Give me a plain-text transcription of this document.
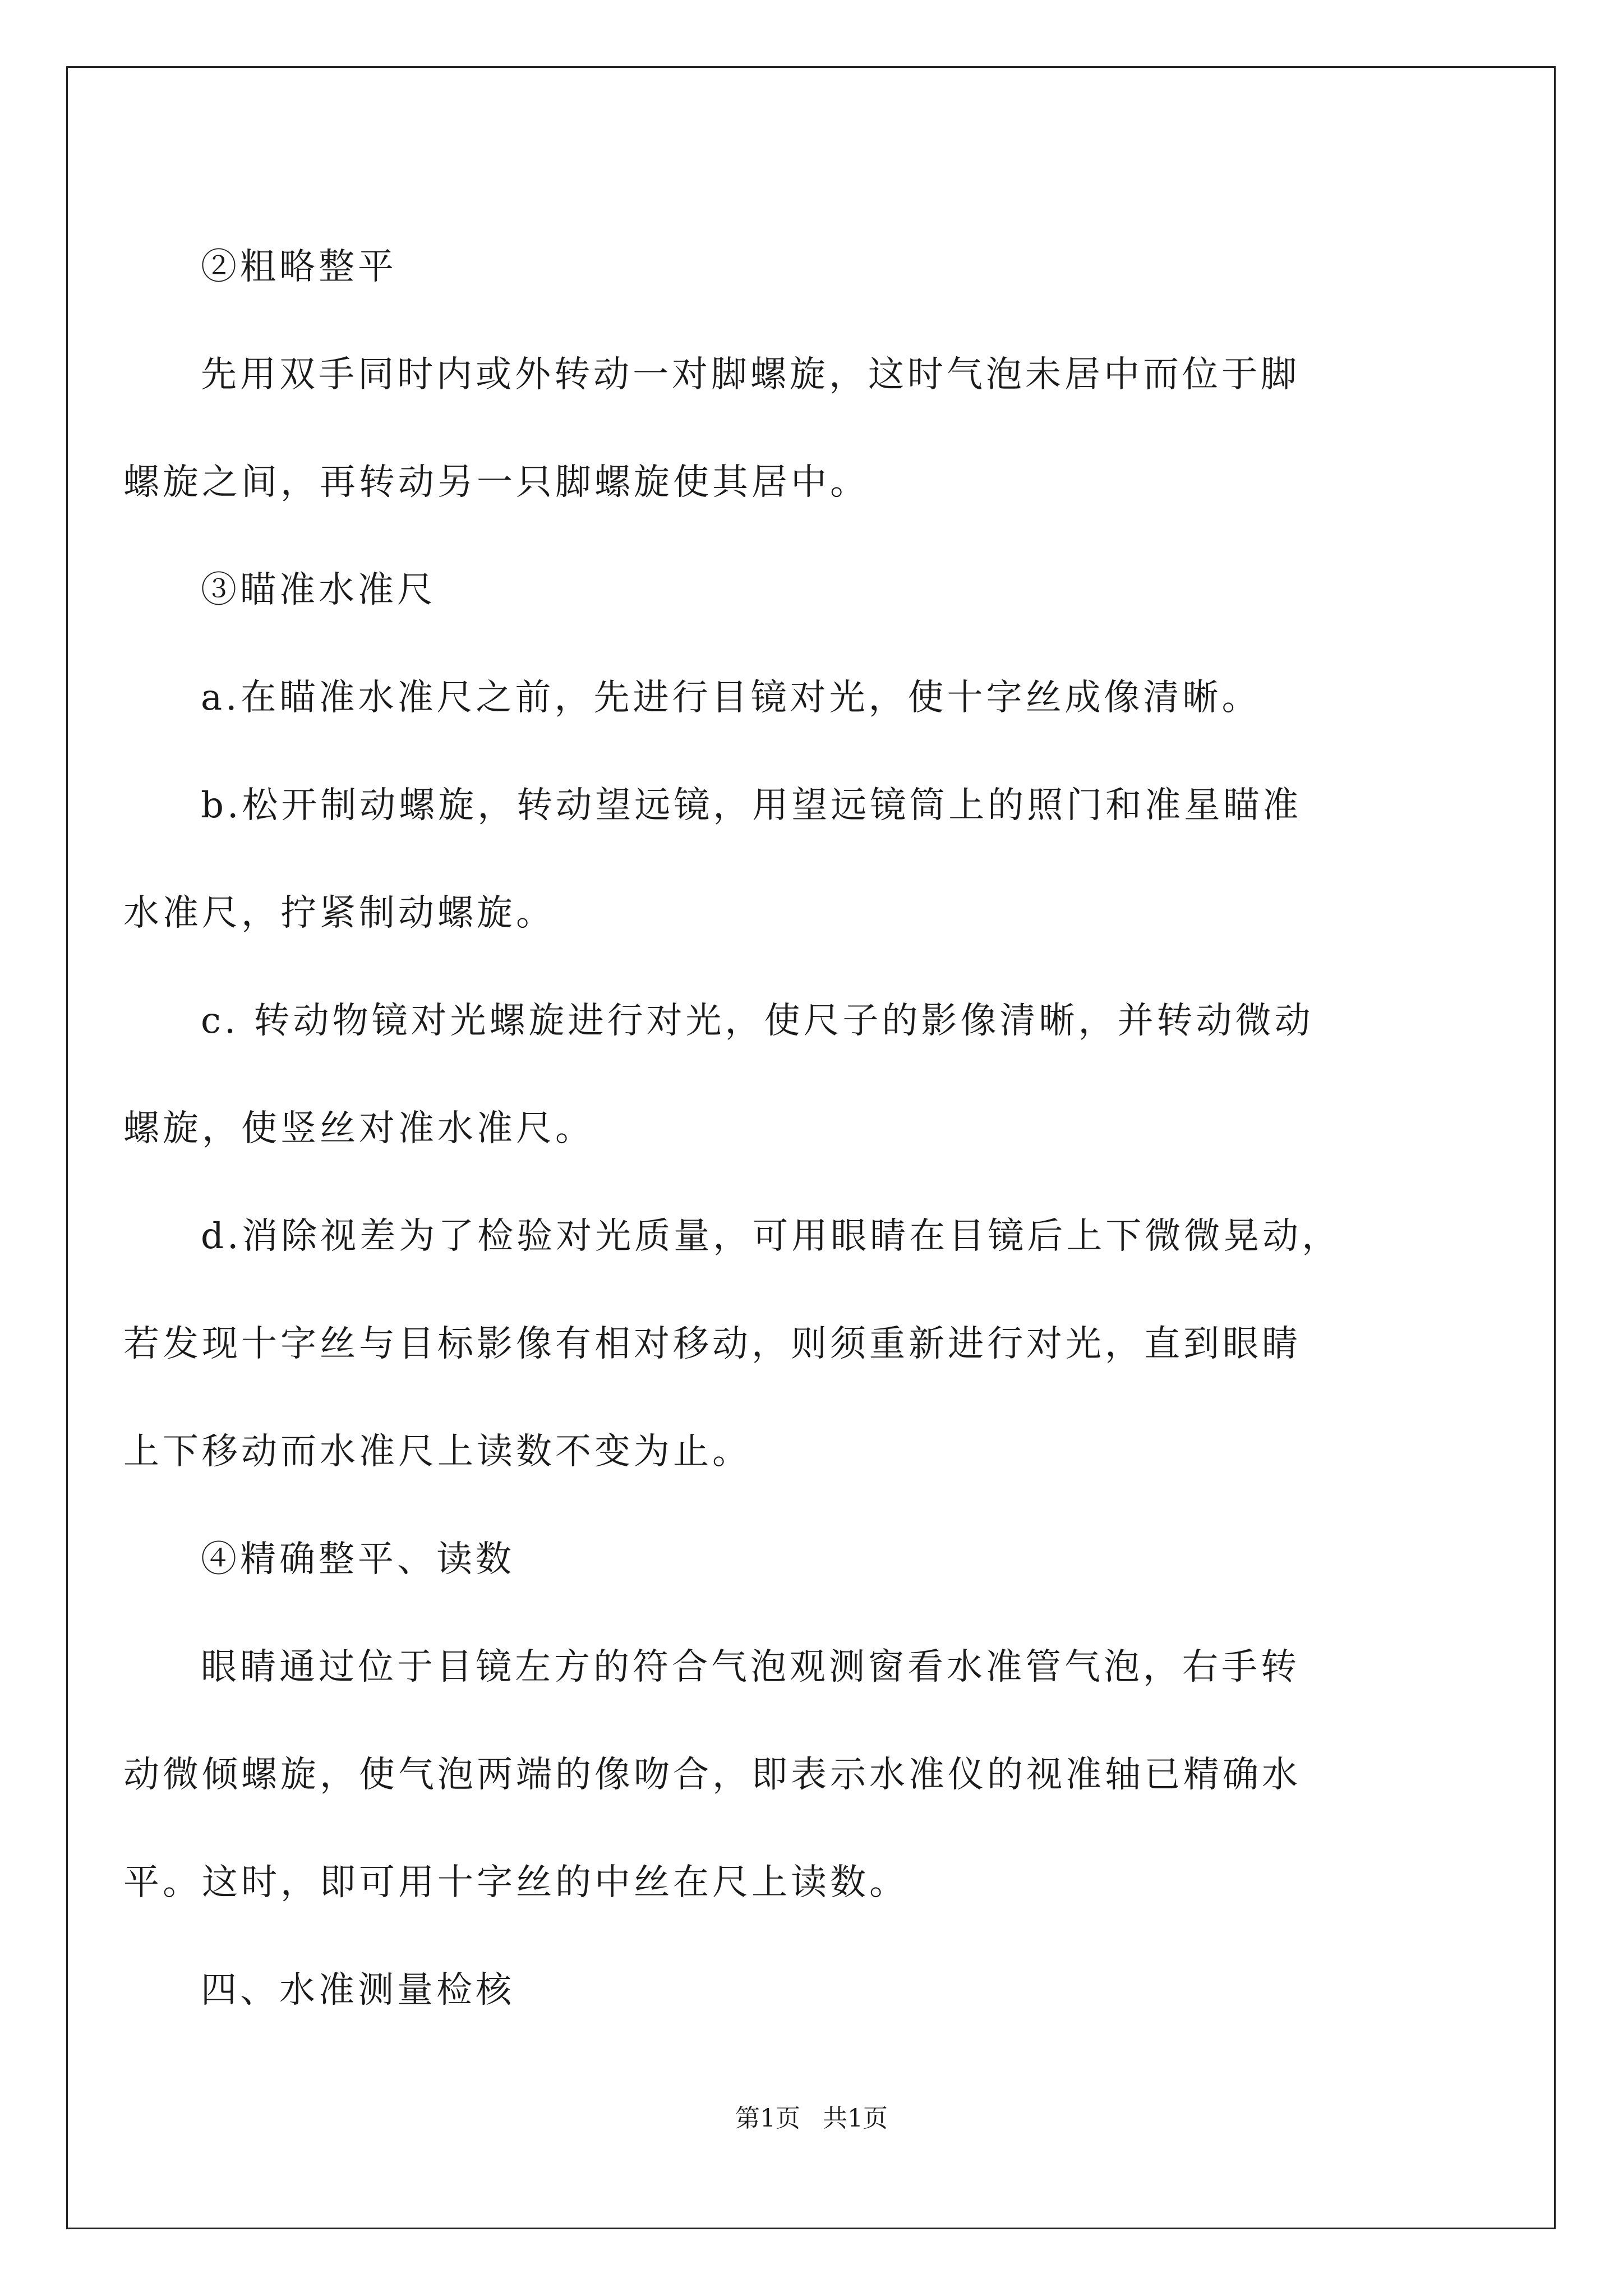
②粗略整平

先用双手同时内或外转动一对脚螺旋，这时气泡未居中而位于脚
螺旋之间，再转动另一只脚螺旋使其居中。

③瞄准水准尺

a.在瞄准水准尺之前，先进行目镜对光，使十字丝成像清晰。

b.松开制动螺旋，转动望远镜，用望远镜筒上的照门和准星瞄准
水准尺，拧紧制动螺旋。

c. 转动物镜对光螺旋进行对光，使尺子的影像清晰，并转动微动
螺旋，使竖丝对准水准尺。

d.消除视差为了检验对光质量，可用眼睛在目镜后上下微微晃动，
若发现十字丝与目标影像有相对移动，则须重新进行对光，直到眼睛
上下移动而水准尺上读数不变为止。

④精确整平、读数

眼睛通过位于目镜左方的符合气泡观测窗看水准管气泡，右手转
动微倾螺旋，使气泡两端的像吻合，即表示水准仪的视准轴已精确水
平。这时，即可用十字丝的中丝在尺上读数。

四、水准测量检核

第1页 共1页
